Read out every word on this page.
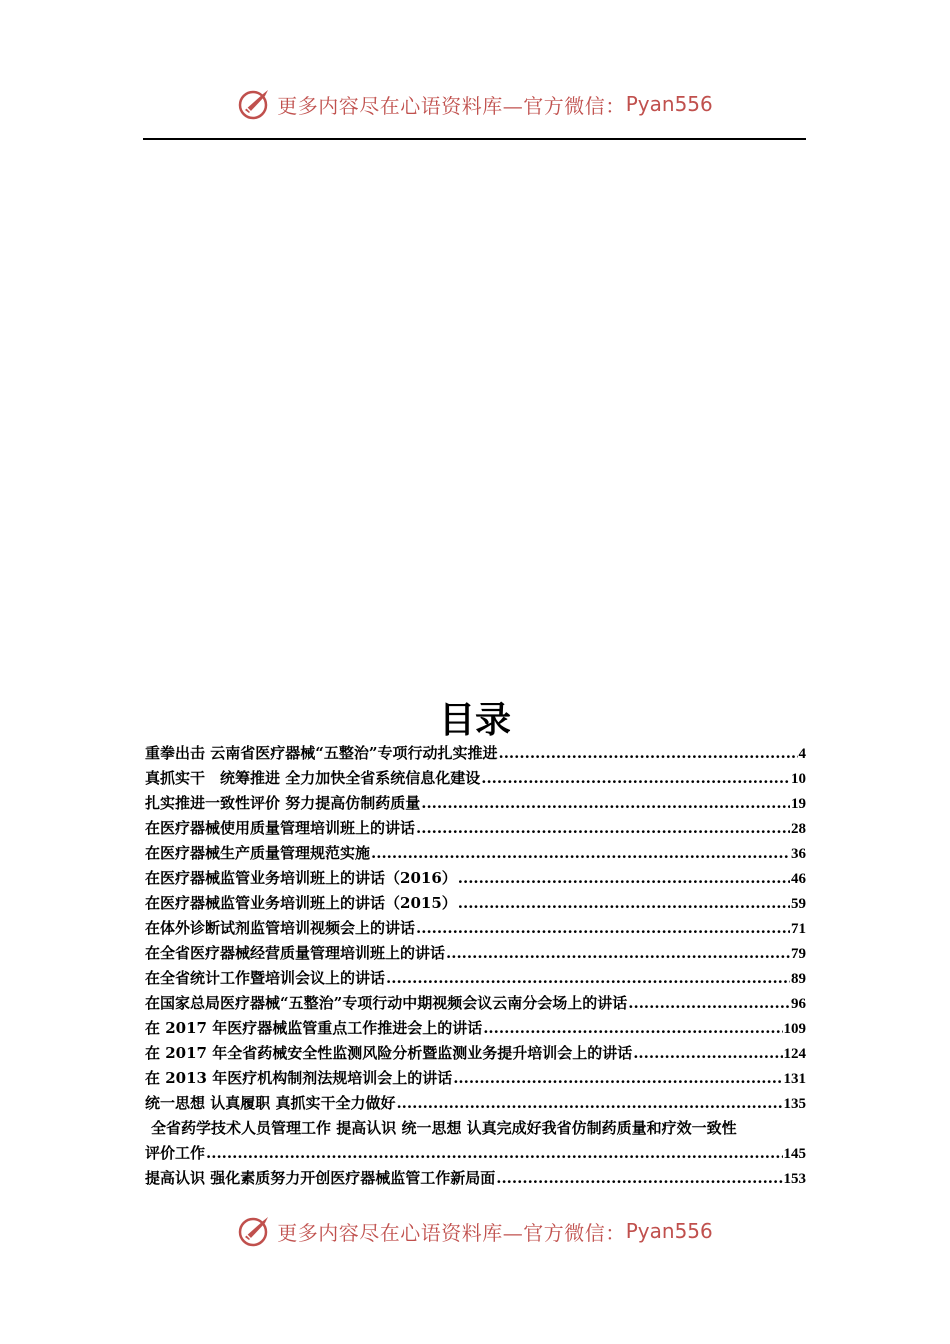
更多内容尽在心语资料库—官方微信： Pyan556
目录
重拳出击 云南省医疗器械“五整治”专项行动扎实推进 .....	4
真抓实干　统筹推进 全力加快全省系统信息化建设 .....	10
扎实推进一致性评价 努力提高仿制药质量 .....	19
在医疗器械使用质量管理培训班上的讲话 .....	28
在医疗器械生产质量管理规范实施 .....	36
在医疗器械监管业务培训班上的讲话（2016） .....	46
在医疗器械监管业务培训班上的讲话（2015） .....	59
在体外诊断试剂监管培训视频会上的讲话 .....	71
在全省医疗器械经营质量管理培训班上的讲话 .....	79
在全省统计工作暨培训会议上的讲话 .....	89
在国家总局医疗器械“五整治”专项行动中期视频会议云南分会场上的讲话 .....	96
在 2017 年医疗器械监管重点工作推进会上的讲话 .....	109
在 2017 年全省药械安全性监测风险分析暨监测业务提升培训会上的讲话 .....	124
在 2013 年医疗机构制剂法规培训会上的讲话 .....	131
统一思想 认真履职 真抓实干全力做好 .....	135
全省药学技术人员管理工作 提高认识 统一思想 认真完成好我省仿制药质量和疗效一致性
评价工作 .....	145
提高认识 强化素质努力开创医疗器械监管工作新局面 .....	153
更多内容尽在心语资料库—官方微信： Pyan556
